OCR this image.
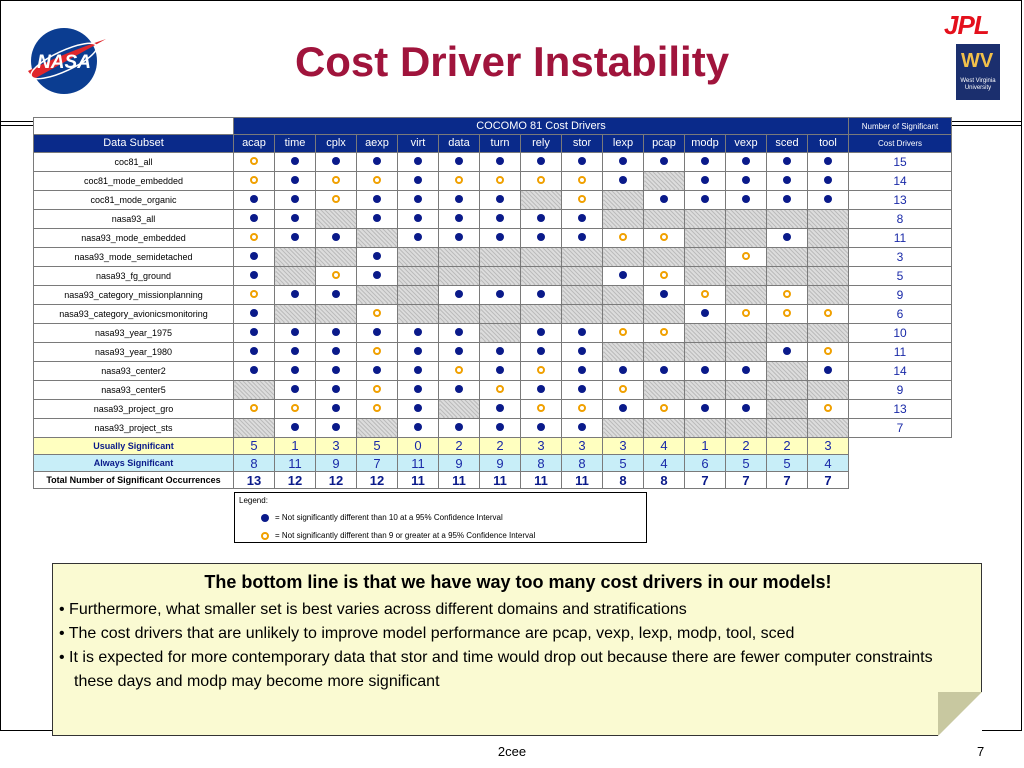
NASA
JPL
WV
West Virginia University
Cost Driver Instability
	COCOMO 81 Cost Drivers															Number of Significant
Data Subset	acap	time	cplx	aexp	virt	data	turn	rely	stor	lexp	pcap	modp	vexp	sced	tool	Cost Drivers
coc81_all																15
coc81_mode_embedded																14
coc81_mode_organic																13
nasa93_all																8
nasa93_mode_embedded																11
nasa93_mode_semidetached																3
nasa93_fg_ground																5
nasa93_category_missionplanning																9
nasa93_category_avionicsmonitoring																6
nasa93_year_1975																10
nasa93_year_1980																11
nasa93_center2																14
nasa93_center5																9
nasa93_project_gro																13
nasa93_project_sts																7
Usually Significant	5	1	3	5	0	2	2	3	3	3	4	1	2	2	3	
Always Significant	8	11	9	7	11	9	9	8	8	5	4	6	5	5	4	
Total Number of Significant Occurrences	13	12	12	12	11	11	11	11	11	8	8	7	7	7	7	
Legend:
= Not significantly different than 10 at a 95% Confidence Interval
= Not significantly different than 9 or greater at a 95% Confidence Interval
The bottom line is that we have way too many cost drivers in our models!
• Furthermore, what smaller set is best varies across different domains and stratifications
• The cost drivers that are unlikely to improve model performance are pcap, vexp, lexp, modp, tool, sced
• It is expected for more contemporary data that stor and time would drop out because there are fewer computer constraints these days and modp may become more significant
2cee	7
